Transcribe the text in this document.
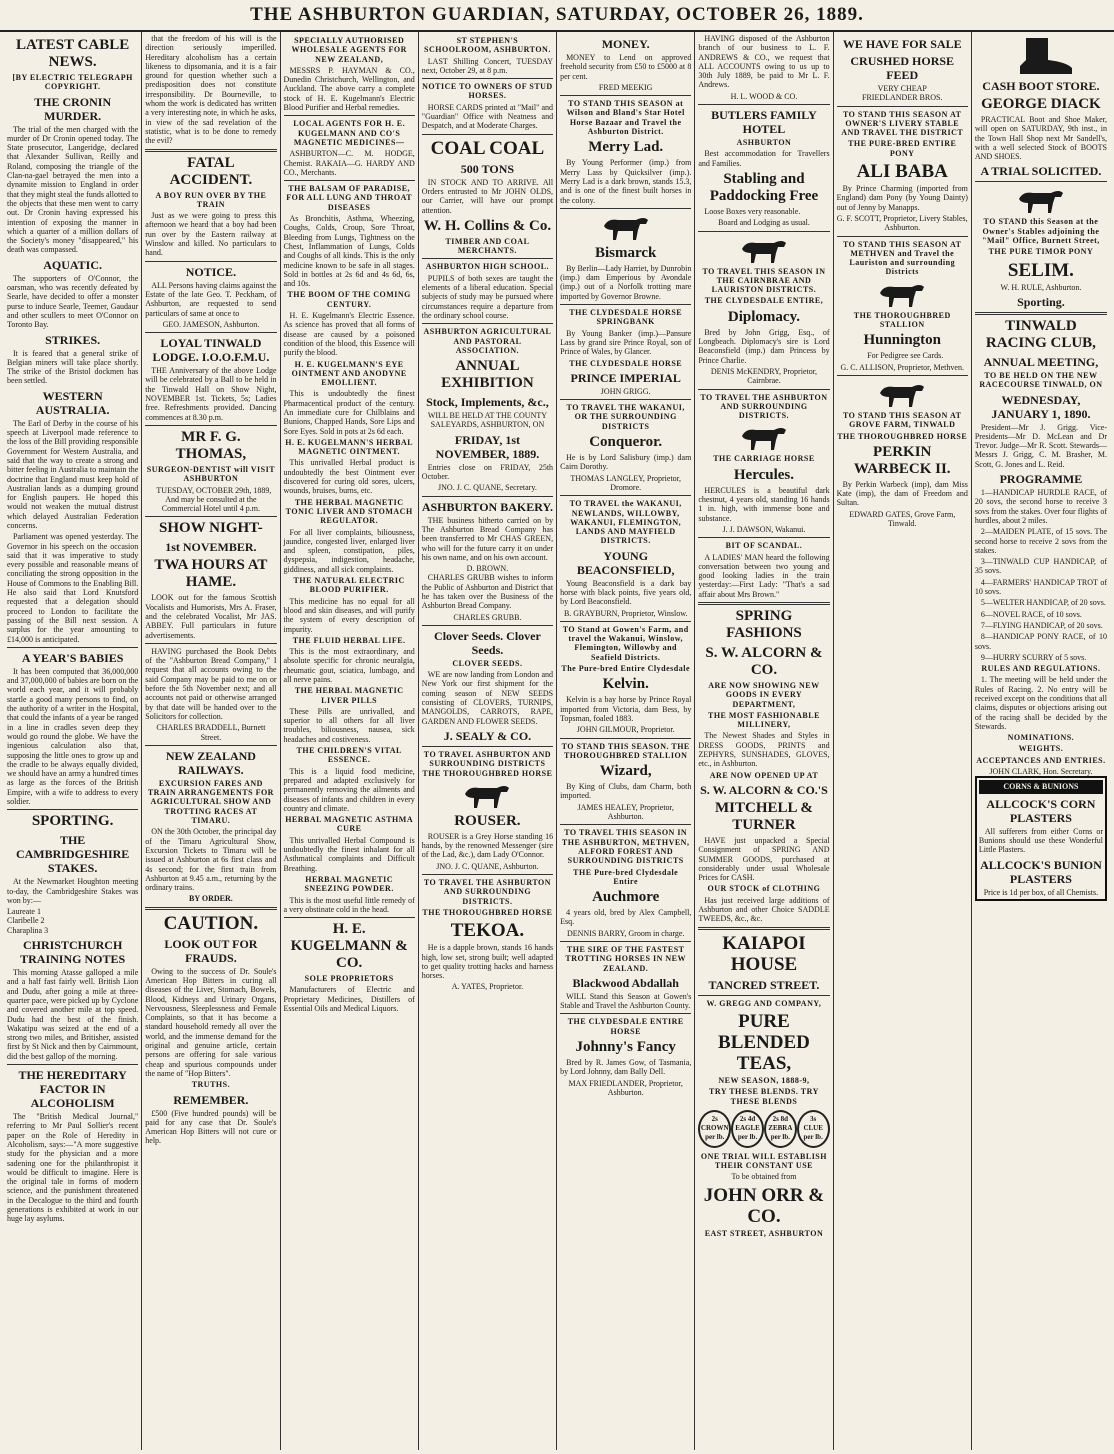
THE ASHBURTON GUARDIAN, SATURDAY, OCTOBER 26, 1889.
LATEST CABLE NEWS.
[BY ELECTRIC TELEGRAPH COPYRIGHT.
THE CRONIN MURDER.

The trial of the men charged with the murder of Dr Cronin opened today. The State prosecutor, Langeridge, declared that Alexander Sullivan, Reilly and Roland, composing the triangle of the Clan-na-gael betrayed the men into a dynamite mission to England in order that they might steal the funds allotted to the objects that these men went to carry out. Dr Cronin having expressed his intention of exposing the manner in which a quarter of a million dollars of the Society's money "disappeared," his death was compassed.

AQUATIC.

The supporters of O'Connor, the oarsman, who was recently defeated by Searle, have decided to offer a monster purse to induce Searle, Teemer, Gaudaur and other scullers to meet O'Connor on Toronto Bay.

STRIKES.

It is feared that a general strike of Belgian miners will take place shortly. The strike of the Bristol dockmen has been settled.

WESTERN AUSTRALIA.

The Earl of Derby in the course of his speech at Liverpool made reference to the loss of the Bill providing responsible Government for Western Australia, and said that the way to create a strong and bitter feeling in Australia to maintain the doctrine that England must keep hold of Australian lands as a dumping ground for English paupers. He hoped this would not weaken the mutual distrust which delayed Australian Federation concerns.

Parliament was opened yesterday. The Governor in his speech on the occasion said that it was imperative to study every possible and reasonable means of conciliating the strong opposition in the House of Commons to the Enabling Bill. He also said that Lord Knutsford requested that a delegation should proceed to London to facilitate the passing of the Bill next session. A surplus for the year amounting to £14,000 is anticipated.

A YEAR'S BABIES

It has been computed that 36,000,000 and 37,000,000 of babies are born on the world each year, and it will probably startle a good many persons to find, on the authority of a writer in the Hospital, that could the infants of a year be ranged in a line in cradles seven deep they would go round the globe. We have the ingenious calculation also that, supposing the little ones to grow up and the cradle to be always equally divided, we should have an army a hundred times as large as the forces of the British Empire, with a wife to address to every soldier.

SPORTING.
THE CAMBRIDGESHIRE STAKES.

At the Newmarket Houghton meeting to-day, the Cambridgeshire Stakes was won by:—

Laureate 1
Claribelle 2
Charaplina 3
CHRISTCHURCH TRAINING NOTES

This morning Atasse galloped a mile and a half fast fairly well. British Lion and Dudu, after going a mile at three-quarter pace, were picked up by Cyclone and covered another mile at top speed. Dudu had the best of the finish. Wakatipu was seized at the end of a strong two miles, and Britisher, assisted first by St Nick and then by Cairnmount, did the best gallop of the morning.

THE HEREDITARY FACTOR IN ALCOHOLISM

The "British Medical Journal," referring to Mr Paul Sollier's recent paper on the Role of Heredity in Alcoholism, says:—"A more suggestive study for the physician and a more sadening one for the philanthropist it would be difficult to imagine. Here is the original tale in forms of modern science, and the punishment threatened in the Decalogue to the third and fourth generations is exhibited at work in our huge lay asylums.

that the freedom of his will is the direction seriously imperilled. Hereditary alcoholism has a certain likeness to dipsomania, and it is a fair ground for question whether such a predisposition does not constitute irresponsibility. Dr Bourneville, to whom the work is dedicated has written a very interesting note, in which he asks, in view of the sad revelation of the statistic, what is to be done to remedy the evil?

FATAL ACCIDENT.
A BOY RUN OVER BY THE TRAIN

Just as we were going to press this afternoon we heard that a boy had been run over by the Eastern railway at Winslow and killed. No particulars to hand.

NOTICE.

ALL Persons having claims against the Estate of the late Geo. T. Peckham, of Ashburton, are requested to send particulars of same at once to

GEO. JAMESON, Ashburton.
LOYAL TINWALD LODGE. I.O.O.F.M.U.

THE Anniversary of the above Lodge will be celebrated by a Ball to be held in the Tinwald Hall on Show Night, NOVEMBER 1st. Tickets, 5s; Ladies free. Refreshments provided. Dancing commences at 8.30 p.m.

MR F. G. THOMAS,
SURGEON-DENTIST will VISIT ASHBURTON

TUESDAY, OCTOBER 29th, 1889, And may be consulted at the Commercial Hotel until 4 p.m.

SHOW NIGHT-
1st NOVEMBER.
TWA HOURS AT HAME.

LOOK out for the famous Scottish Vocalists and Humorists, Mrs A. Fraser, and the celebrated Vocalist, Mr JAS. ABBEY. Full particulars in future advertisements.

HAVING purchased the Book Debts of the "Ashburton Bread Company," I request that all accounts owing to the said Company may be paid to me on or before the 5th November next; and all accounts not paid or otherwise arranged by that date will be handed over to the Solicitors for collection.

CHARLES BRADDELL, Burnett Street.
NEW ZEALAND RAILWAYS.
EXCURSION FARES AND TRAIN ARRANGEMENTS FOR AGRICULTURAL SHOW AND TROTTING RACES AT TIMARU.

ON the 30th October, the principal day of the Timaru Agricultural Show, Excursion Tickets to Timaru will be issued at Ashburton at 6s first class and 4s second; for the first train from Ashburton at 9.45 a.m., returning by the ordinary trains.

BY ORDER.
CAUTION.
LOOK OUT FOR FRAUDS.

Owing to the success of Dr. Soule's American Hop Bitters in curing all diseases of the Liver, Stomach, Bowels, Blood, Kidneys and Urinary Organs, Nervousness, Sleeplessness and Female Complaints, so that it has become a standard household remedy all over the world, and the immense demand for the original and genuine article, certain persons are offering for sale various cheap and spurious compounds under the name of "Hop Bitters".

TRUTHS.
REMEMBER.

£500 (Five hundred pounds) will be paid for any case that Dr. Soule's American Hop Bitters will not cure or help.

SPECIALLY AUTHORISED WHOLESALE AGENTS FOR NEW ZEALAND,

MESSRS P. HAYMAN & CO., Dunedin Christchurch, Wellington, and Auckland. The above carry a complete stock of H. E. Kugelmann's Electric Blood Purifier and Herbal remedies.

LOCAL AGENTS FOR H. E. KUGELMANN AND CO'S MAGNETIC MEDICINES—

ASHBURTON—C. M. HODGE, Chemist. RAKAIA—G. HARDY AND CO., Merchants.

THE BALSAM OF PARADISE, FOR ALL LUNG AND THROAT DISEASES

As Bronchitis, Asthma, Wheezing, Coughs, Colds, Croup, Sore Throat, Bleeding from Lungs, Tightness on the Chest, Inflammation of Lungs, Colds and Coughs of all kinds. This is the only medicine known to be safe in all stages. Sold in bottles at 2s 6d and 4s 6d, 6s, and 10s.

THE BOOM OF THE COMING CENTURY.

H. E. Kugelmann's Electric Essence. As science has proved that all forms of disease are caused by a poisoned condition of the blood, this Essence will purify the blood.

H. E. KUGELMANN'S EYE OINTMENT AND ANODYNE EMOLLIENT.

This is undoubtedly the finest Pharmacentical product of the century. An immediate cure for Chilblains and Bunions, Chapped Hands, Sore Lips and Sore Eyes. Sold in pots at 2s 6d each.

H. E. KUGELMANN'S HERBAL MAGNETIC OINTMENT.

This unrivalled Herbal product is undoubtedly the best Ointment ever discovered for curing old sores, ulcers, wounds, bruises, burns, etc.

THE HERBAL MAGNETIC TONIC LIVER AND STOMACH REGULATOR.

For all liver complaints, biliousness, jaundice, congested liver, enlarged liver and spleen, constipation, piles, dyspepsia, indigestion, headache, giddiness, and all sick complaints.

THE NATURAL ELECTRIC BLOOD PURIFIER.

This medicine has no equal for all blood and skin diseases, and will purify the system of every description of impurity.

THE FLUID HERBAL LIFE.

This is the most extraordinary, and absolute specific for chronic neuralgia, rheumatic gout, sciatica, lumbago, and all nerve pains.

THE HERBAL MAGNETIC LIVER PILLS

These Pills are unrivalled, and superior to all others for all liver troubles, biliousness, nausea, sick headaches and costiveness.

THE CHILDREN'S VITAL ESSENCE.

This is a liquid food medicine, prepared and adapted exclusively for permanently removing the ailments and diseases of infants and children in every country and climate.

HERBAL MAGNETIC ASTHMA CURE

This unrivalled Herbal Compound is undoubtedly the finest inhalant for all Asthmatical complaints and Difficult Breathing.

HERBAL MAGNETIC SNEEZING POWDER.

This is the most useful little remedy of a very obstinate cold in the head.

H. E. KUGELMANN & CO.
SOLE PROPRIETORS

Manufacturers of Electric and Proprietary Medicines, Distillers of Essential Oils and Medical Liquors.

ST STEPHEN'S SCHOOLROOM, ASHBURTON.

LAST Shilling Concert, TUESDAY next, October 29, at 8 p.m.

NOTICE TO OWNERS OF STUD HORSES.

HORSE CARDS printed at "Mail" and "Guardian" Office with Neatness and Despatch, and at Moderate Charges.

COAL COAL
500 TONS

IN STOCK AND TO ARRIVE. All Orders entrusted to Mr JOHN OLDS, our Carrier, will have our prompt attention.

W. H. Collins & Co.
TIMBER AND COAL MERCHANTS.
ASHBURTON HIGH SCHOOL.

PUPILS of both sexes are taught the elements of a liberal education. Special subjects of study may be pursued where circumstances require a departure from the ordinary school course.

ASHBURTON AGRICULTURAL AND PASTORAL ASSOCIATION.
ANNUAL EXHIBITION
Stock, Implements, &c.,
WILL BE HELD AT THE COUNTY SALEYARDS, ASHBURTON, ON
FRIDAY, 1st NOVEMBER, 1889.

Entries close on FRIDAY, 25th October.

JNO. J. C. QUANE, Secretary.
ASHBURTON BAKERY.

THE business hitherto carried on by The Ashburton Bread Company has been transferred to Mr CHAS GREEN, who will for the future carry it on under his own name, and on his own account.

D. BROWN.

CHARLES GRUBB wishes to inform the Public of Ashburton and District that he has taken over the Business of the Ashburton Bread Company.

CHARLES GRUBB.
Clover Seeds. Clover Seeds.
CLOVER SEEDS.

WE are now landing from London and New York our first shipment for the coming season of NEW SEEDS consisting of CLOVERS, TURNIPS, MANGOLDS, CARROTS, RAPE, GARDEN AND FLOWER SEEDS.

J. SEALY & CO.
TO TRAVEL ASHBURTON AND SURROUNDING DISTRICTS THE THOROUGHBRED HORSE
ROUSER.

ROUSER is a Grey Horse standing 16 hands, by the renowned Messenger (sire of the Lad, &c.), dam Lady O'Connor.

JNO. J. C. QUANE, Ashburton.
TO TRAVEL THE ASHBURTON AND SURROUNDING DISTRICTS.
THE THOROUGHBRED HORSE
TEKOA.

He is a dapple brown, stands 16 hands high, low set, strong built; well adapted to get quality trotting hacks and harness horses.

A. YATES, Proprietor.
MONEY.

MONEY to Lend on approved freehold security from £50 to £5000 at 8 per cent.

FRED MEEKIG
TO STAND THIS SEASON at Wilson and Bland's Star Hotel Horse Bazaar and Travel the Ashburton District.
Merry Lad.

By Young Performer (imp.) from Merry Lass by Quicksilver (imp.). Merry Lad is a dark brown, stands 15.3, and is one of the finest built horses in the colony.

Bismarck

By Berlin—Lady Harriet, by Dunrobin (imp.) dam Emperious by Avondale (imp.) out of a Norfolk trotting mare imported by Governor Browne.

THE CLYDESDALE HORSE SPRINGBANK

By Young Banker (imp.)—Pansure Lass by grand sire Prince Royal, son of Prince of Wales, by Glancer.

THE CLYDESDALE HORSE
PRINCE IMPERIAL
JOHN GRIGG.
TO TRAVEL THE WAKANUI, OR THE SURROUNDING DISTRICTS
Conqueror.

He is by Lord Salisbury (imp.) dam Cairn Dorothy.

THOMAS LANGLEY, Proprietor, Dromore.
TO TRAVEL the WAKANUI, NEWLANDS, WILLOWBY, WAKANUI, FLEMINGTON, LANDS AND MAYFIELD DISTRICTS.
YOUNG BEACONSFIELD,

Young Beaconsfield is a dark bay horse with black points, five years old, by Lord Beaconsfield.

B. GRAYBURN, Proprietor, Winslow.
TO Stand at Gowen's Farm, and travel the Wakanui, Winslow, Flemington, Willowby and Seafield Districts.
The Pure-bred Entire Clydesdale
Kelvin.

Kelvin is a bay horse by Prince Royal imported from Victoria, dam Bess, by Topsman, foaled 1883.

JOHN GILMOUR, Proprietor.
TO STAND THIS SEASON. THE THOROUGHBRED STALLION
Wizard,

By King of Clubs, dam Charm, both imported.

JAMES HEALEY, Proprietor, Ashburton.
TO TRAVEL THIS SEASON IN THE ASHBURTON, METHVEN, ALFORD FOREST AND SURROUNDING DISTRICTS
THE Pure-bred Clydesdale Entire
Auchmore

4 years old, bred by Alex Campbell, Esq.

DENNIS BARRY, Groom in charge.
THE SIRE OF THE FASTEST TROTTING HORSES IN NEW ZEALAND.
Blackwood Abdallah

WILL Stand this Season at Gowen's Stable and Travel the Ashburton County.

THE CLYDESDALE ENTIRE HORSE
Johnny's Fancy

Bred by R. James Gow, of Tasmania, by Lord Johnny, dam Bally Dell.

MAX FRIEDLANDER, Proprietor, Ashburton.

HAVING disposed of the Ashburton branch of our business to L. F. ANDREWS & CO., we request that ALL ACCOUNTS owing to us up to 30th July 1889, be paid to Mr L. F. Andrews.

H. L. WOOD & CO.
BUTLERS FAMILY HOTEL
ASHBURTON

Best accommodation for Travellers and Families.

Stabling and Paddocking Free

Loose Boxes very reasonable.

Board and Lodging as usual.
TO TRAVEL THIS SEASON IN THE CAIRNBRAE AND LAURISTON DISTRICTS.
THE CLYDESDALE ENTIRE,
Diplomacy.

Bred by John Grigg, Esq., of Longbeach. Diplomacy's sire is Lord Beaconsfield (imp.) dam Princess by Prince Charlie.

DENIS McKENDRY, Proprietor, Cairnbrae.
TO TRAVEL THE ASHBURTON AND SURROUNDING DISTRICTS.
THE CARRIAGE HORSE
Hercules.

HERCULES is a beautiful dark chestnut, 4 years old, standing 16 hands 1 in. high, with immense bone and substance.

J. J. DAWSON, Wakanui.
BIT OF SCANDAL.

A LADIES' MAN heard the following conversation between two young and good looking ladies in the train yesterday:—First Lady: "That's a sad affair about Mrs Brown."

SPRING FASHIONS
S. W. ALCORN & CO.
ARE NOW SHOWING NEW GOODS IN EVERY DEPARTMENT,
THE MOST FASHIONABLE MILLINERY,

The Newest Shades and Styles in DRESS GOODS, PRINTS and ZEPHYRS, SUNSHADES, GLOVES, etc., in Ashburton.

ARE NOW OPENED UP AT
S. W. ALCORN & CO.'S
MITCHELL & TURNER

HAVE just unpacked a Special Consignment of SPRING AND SUMMER GOODS, purchased at considerably under usual Wholesale Prices for CASH.

OUR STOCK of CLOTHING

Has just received large additions of Ashburton and other Choice SADDLE TWEEDS, &c., &c.

KAIAPOI HOUSE
TANCRED STREET.
W. GREGG AND COMPANY,
PURE BLENDED TEAS,
NEW SEASON, 1888-9,
TRY THESE BLENDS. TRY THESE BLENDS
2s
CROWN
per lb.
2s 4d
EAGLE
per lb.
2s 8d
ZEBRA
per lb.
3s
CLUE
per lb.
ONE TRIAL WILL ESTABLISH THEIR CONSTANT USE
To be obtained from
JOHN ORR & CO.
EAST STREET, ASHBURTON
WE HAVE FOR SALE
CRUSHED HORSE FEED
VERY CHEAP
FRIEDLANDER BROS.
TO STAND THIS SEASON AT OWNER'S LIVERY STABLE AND TRAVEL THE DISTRICT
THE PURE-BRED ENTIRE PONY
ALI BABA

By Prince Charming (imported from England) dam Pony (by Young Dainty) out of Jenny by Manapps.

G. F. SCOTT, Proprietor, Livery Stables, Ashburton.
TO STAND THIS SEASON AT METHVEN and Travel the Lauriston and surrounding Districts
THE THOROUGHBRED STALLION
Hunnington

For Pedigree see Cards.

G. C. ALLISON, Proprietor, Methven.
TO STAND THIS SEASON AT GROVE FARM, TINWALD
THE THOROUGHBRED HORSE
PERKIN WARBECK II.

By Perkin Warbeck (imp), dam Miss Kate (imp), the dam of Freedom and Sultan.

EDWARD GATES, Grove Farm, Tinwald.
CASH BOOT STORE.
GEORGE DIACK

PRACTICAL Boot and Shoe Maker, will open on SATURDAY, 9th inst., in the Town Hall Shop next Mr Sandell's, with a well selected Stock of BOOTS AND SHOES.

A TRIAL SOLICITED.
TO STAND this Season at the Owner's Stables adjoining the "Mail" Office, Burnett Street,
THE PURE TIMOR PONY
SELIM.
W. H. RULE, Ashburton.
Sporting.
TINWALD RACING CLUB,
ANNUAL MEETING,
TO BE HELD ON THE NEW RACECOURSE TINWALD, ON
WEDNESDAY, JANUARY 1, 1890.

President—Mr J. Grigg. Vice-Presidents—Mr D. McLean and Dr Trevor. Judge—Mr R. Scott. Stewards—Messrs J. Grigg, C. M. Brasher, M. Scott, G. Jones and L. Reid.

PROGRAMME

1—HANDICAP HURDLE RACE, of 20 sovs, the second horse to receive 3 sovs from the stakes. Over four flights of hurdles, about 2 miles.

2—MAIDEN PLATE, of 15 sovs. The second horse to receive 2 sovs from the stakes.

3—TINWALD CUP HANDICAP, of 35 sovs.

4—FARMERS' HANDICAP TROT of 10 sovs.

5—WELTER HANDICAP, of 20 sovs.

6—NOVEL RACE, of 10 sovs.

7—FLYING HANDICAP, of 20 sovs.

8—HANDICAP PONY RACE, of 10 sovs.

9—HURRY SCURRY of 5 sovs.

RULES AND REGULATIONS.

1. The meeting will be held under the Rules of Racing. 2. No entry will be received except on the conditions that all claims, disputes or objections arising out of the racing shall be decided by the Stewards.

NOMINATIONS.
WEIGHTS.
ACCEPTANCES AND ENTRIES.
JOHN CLARK, Hon. Secretary.
CORNS & BUNIONS
ALLCOCK'S CORN PLASTERS

All sufferers from either Corns or Bunions should use these Wonderful Little Plasters.

ALLCOCK'S BUNION PLASTERS
Price is 1d per box, of all Chemists.
